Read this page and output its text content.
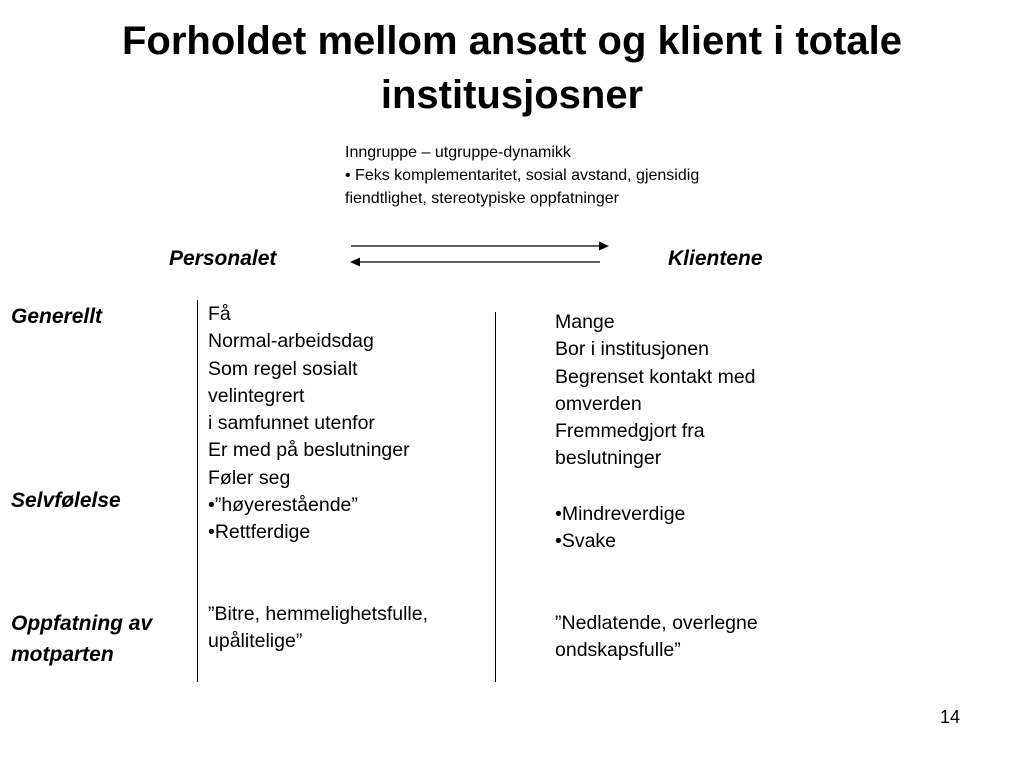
Forholdet mellom ansatt og klient i totale
institusjosner
Inngruppe – utgruppe-dynamikk
• Feks komplementaritet, sosial avstand, gjensidig
fiendtlighet, stereotypiske oppfatninger
Personalet	Klientene
Generellt
Selvfølelse
Oppfatning av
motparten
Få
Normal-arbeidsdag
Som regel sosialt
velintegrert
i samfunnet utenfor
Er med på beslutninger
Føler seg
•”høyerestående”
•Rettferdige
”Bitre, hemmelighetsfulle,
upålitelige”
Mange
Bor i institusjonen
Begrenset kontakt med
omverden
Fremmedgjort fra
beslutninger
•Mindreverdige
•Svake
”Nedlatende, overlegne
ondskapsfulle”
14
